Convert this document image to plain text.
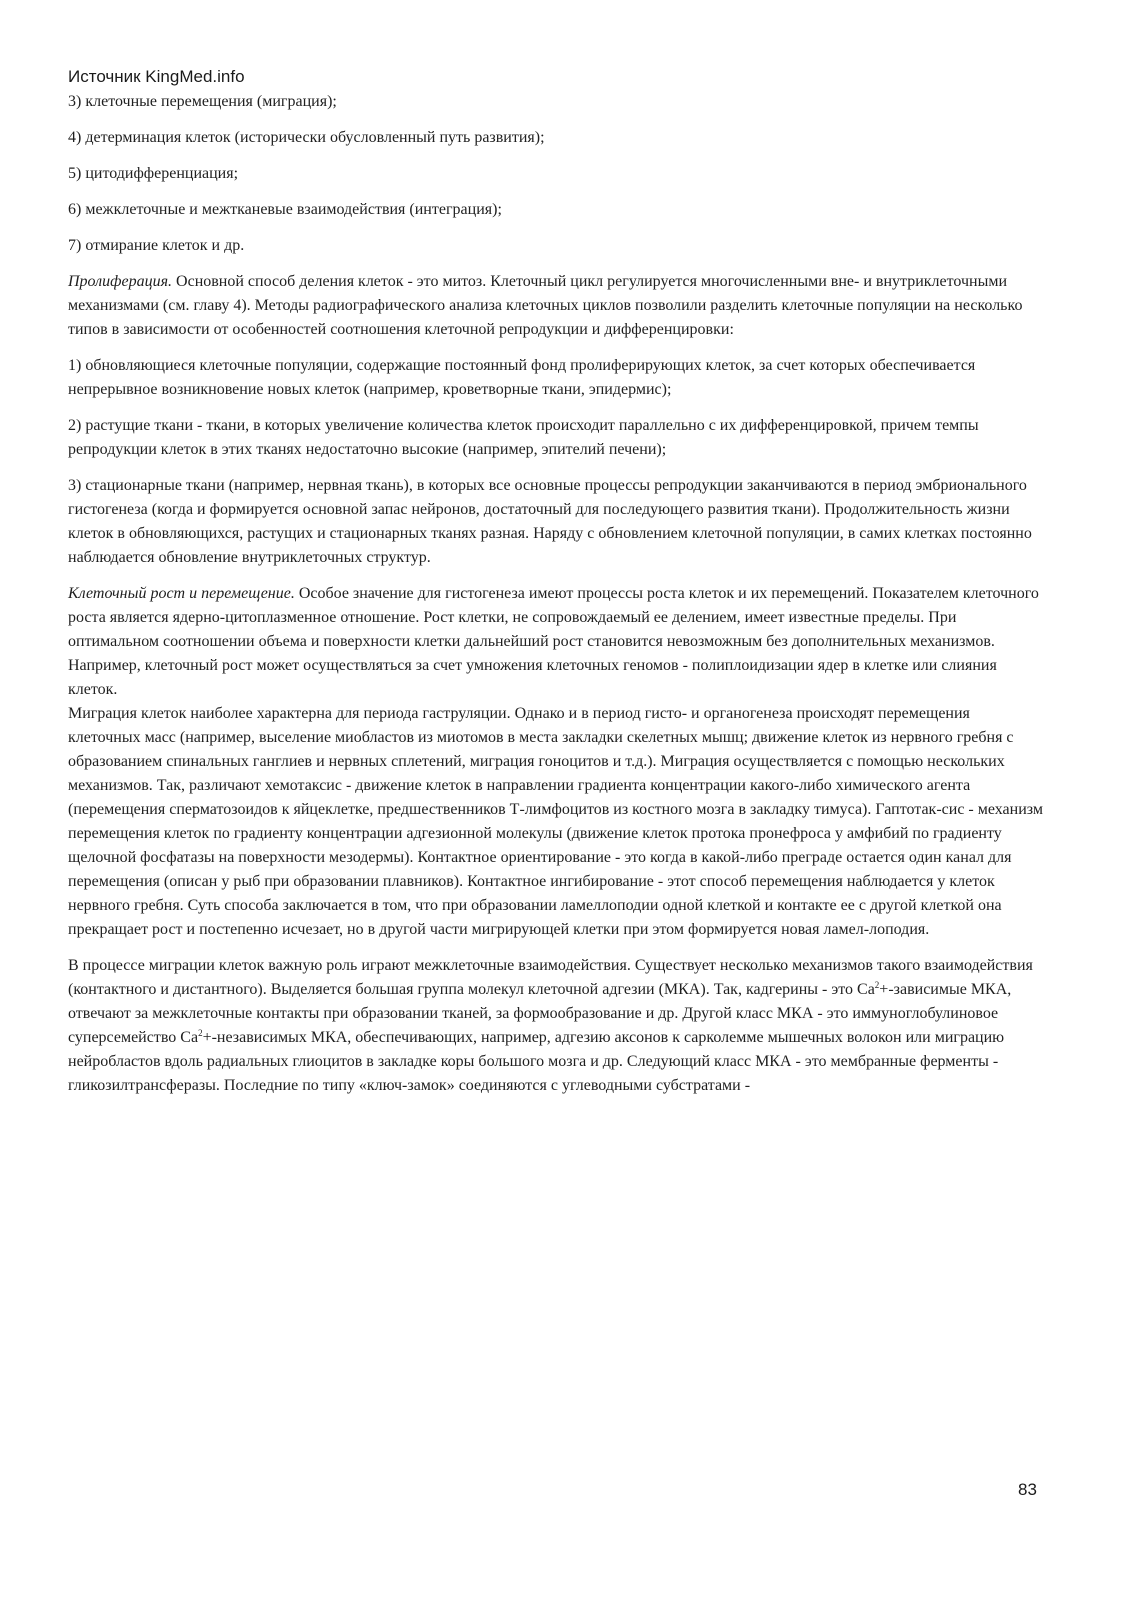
Источник KingMed.info

3) клеточные перемещения (миграция);

4) детерминация клеток (исторически обусловленный путь развития);

5) цитодифференциация;

6) межклеточные и межтканевые взаимодействия (интеграция);

7) отмирание клеток и др.

Пролиферация. Основной способ деления клеток - это митоз. Клеточный цикл регулируется многочисленными вне- и внутриклеточными механизмами (см. главу 4). Методы радиографического анализа клеточных циклов позволили разделить клеточные популяции на несколько типов в зависимости от особенностей соотношения клеточной репродукции и дифференцировки:

1) обновляющиеся клеточные популяции, содержащие постоянный фонд пролиферирующих клеток, за счет которых обеспечивается непрерывное возникновение новых клеток (например, кроветворные ткани, эпидермис);

2) растущие ткани - ткани, в которых увеличение количества клеток происходит параллельно с их дифференцировкой, причем темпы репродукции клеток в этих тканях недостаточно высокие (например, эпителий печени);

3) стационарные ткани (например, нервная ткань), в которых все основные процессы репродукции заканчиваются в период эмбрионального гистогенеза (когда и формируется основной запас нейронов, достаточный для последующего развития ткани). Продолжительность жизни клеток в обновляющихся, растущих и стационарных тканях разная. Наряду с обновлением клеточной популяции, в самих клетках постоянно наблюдается обновление внутриклеточных структур.

Клеточный рост и перемещение. Особое значение для гистогенеза имеют процессы роста клеток и их перемещений. Показателем клеточного роста является ядерно-цитоплазменное отношение. Рост клетки, не сопровождаемый ее делением, имеет известные пределы. При оптимальном соотношении объема и поверхности клетки дальнейший рост становится невозможным без дополнительных механизмов. Например, клеточный рост может осуществляться за счет умножения клеточных геномов - полиплоидизации ядер в клетке или слияния клеток.

Миграция клеток наиболее характерна для периода гаструляции. Однако и в период гисто- и органогенеза происходят перемещения клеточных масс (например, выселение миобластов из миотомов в места закладки скелетных мышц; движение клеток из нервного гребня с образованием спинальных ганглиев и нервных сплетений, миграция гоноцитов и т.д.). Миграция осуществляется с помощью нескольких механизмов. Так, различают хемотаксис - движение клеток в направлении градиента концентрации какого-либо химического агента (перемещения сперматозоидов к яйцеклетке, предшественников Т-лимфоцитов из костного мозга в закладку тимуса). Гаптотак-сис - механизм перемещения клеток по градиенту концентрации адгезионной молекулы (движение клеток протока пронефроса у амфибий по градиенту щелочной фосфатазы на поверхности мезодермы). Контактное ориентирование - это когда в какой-либо преграде остается один канал для перемещения (описан у рыб при образовании плавников). Контактное ингибирование - этот способ перемещения наблюдается у клеток нервного гребня. Суть способа заключается в том, что при образовании ламеллоподии одной клеткой и контакте ее с другой клеткой она прекращает рост и постепенно исчезает, но в другой части мигрирующей клетки при этом формируется новая ламел-лоподия.

В процессе миграции клеток важную роль играют межклеточные взаимодействия. Существует несколько механизмов такого взаимодействия (контактного и дистантного). Выделяется большая группа молекул клеточной адгезии (МКА). Так, кадгерины - это $Ca^2+$-зависимые МКА, отвечают за межклеточные контакты при образовании тканей, за формообразование и др. Другой класс МКА - это иммуноглобулиновое суперсемейство $Ca^2+$-независимых МКА, обеспечивающих, например, адгезию аксонов к сарколемме мышечных волокон или миграцию нейробластов вдоль радиальных глиоцитов в закладке коры большого мозга и др. Следующий класс МКА - это мембранные ферменты - гликозилтрансферазы. Последние по типу «ключ-замок» соединяются с углеводными субстратами -

83
